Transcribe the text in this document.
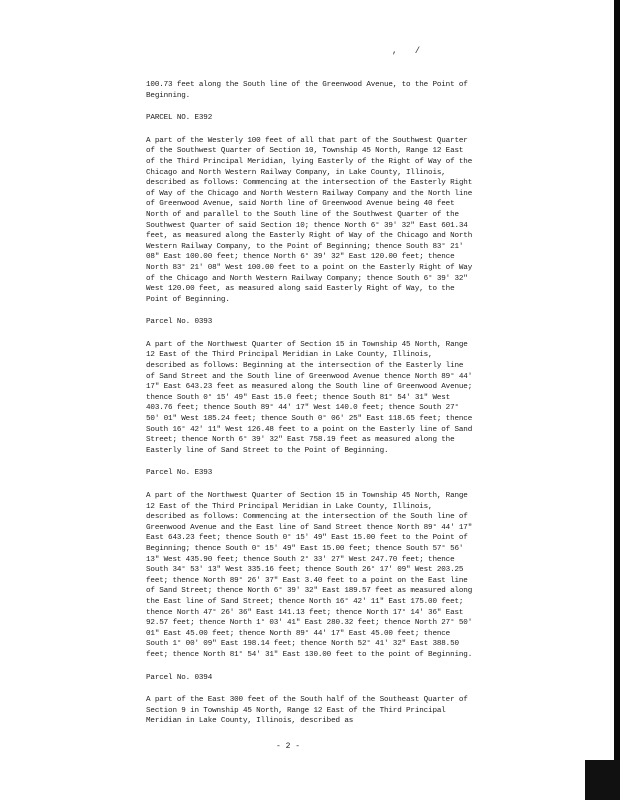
, /

100.73 feet along the South line of the Greenwood Avenue, to the Point of Beginning.

PARCEL NO. E392

A part of the Westerly 100 feet of all that part of the Southwest Quarter of the Southwest Quarter of Section 10, Township 45 North, Range 12 East of the Third Principal Meridian, lying Easterly of the Right of Way of the Chicago and North Western Railway Company, in Lake County, Illinois, described as follows: Commencing at the intersection of the Easterly Right of Way of the Chicago and North Western Railway Company and the North line of Greenwood Avenue, said North line of Greenwood Avenue being 40 feet North of and parallel to the South line of the Southwest Quarter of the Southwest Quarter of said Section 10; thence North 6° 39' 32" East 601.34 feet, as measured along the Easterly Right of Way of the Chicago and North Western Railway Company, to the Point of Beginning; thence South 83° 21' 08" East 100.00 feet; thence North 6° 39' 32" East 120.00 feet; thence North 83° 21' 08" West 100.00 feet to a point on the Easterly Right of Way of the Chicago and North Western Railway Company; thence South 6° 39' 32" West 120.00 feet, as measured along said Easterly Right of Way, to the Point of Beginning.

Parcel No. 0393

A part of the Northwest Quarter of Section 15 in Township 45 North, Range 12 East of the Third Principal Meridian in Lake County, Illinois, described as follows: Beginning at the intersection of the Easterly line of Sand Street and the South line of Greenwood Avenue thence North 89° 44' 17" East 643.23 feet as measured along the South line of Greenwood Avenue; thence South 0° 15' 49" East 15.0 feet; thence South 81° 54' 31" West 403.76 feet; thence South 89° 44' 17" West 140.0 feet; thence South 27° 50' 01" West 185.24 feet; thence South 0° 06' 25" East 118.65 feet; thence South 16° 42' 11" West 126.48 feet to a point on the Easterly line of Sand Street; thence North 6° 39' 32" East 758.19 feet as measured along the Easterly line of Sand Street to the Point of Beginning.

Parcel No. E393

A part of the Northwest Quarter of Section 15 in Township 45 North, Range 12 East of the Third Principal Meridian in Lake County, Illinois, described as follows: Commencing at the intersection of the South line of Greenwood Avenue and the East line of Sand Street thence North 89° 44' 17" East 643.23 feet; thence South 0° 15' 49" East 15.00 feet to the Point of Beginning; thence South 0° 15' 49" East 15.00 feet; thence South 57° 56' 13" West 435.90 feet; thence South 2° 33' 27" West 247.70 feet; thence South 34° 53' 13" West 335.16 feet; thence South 26° 17' 09" West 203.25 feet; thence North 89° 26' 37" East 3.40 feet to a point on the East line of Sand Street; thence North 6° 39' 32" East 189.57 feet as measured along the East line of Sand Street; thence North 16° 42' 11" East 175.00 feet; thence North 47° 26' 36" East 141.13 feet; thence North 17° 14' 36" East 92.57 feet; thence North 1° 03' 41" East 280.32 feet; thence North 27° 50' 01" East 45.00 feet; thence North 89° 44' 17" East 45.00 feet; thence South 1° 00' 09" East 198.14 feet; thence North 52° 41' 32" East 388.50 feet; thence North 81° 54' 31" East 130.00 feet to the point of Beginning.

Parcel No. 0394

A part of the East 300 feet of the South half of the Southeast Quarter of Section 9 in Township 45 North, Range 12 East of the Third Principal Meridian in Lake County, Illinois, described as

- 2 -
